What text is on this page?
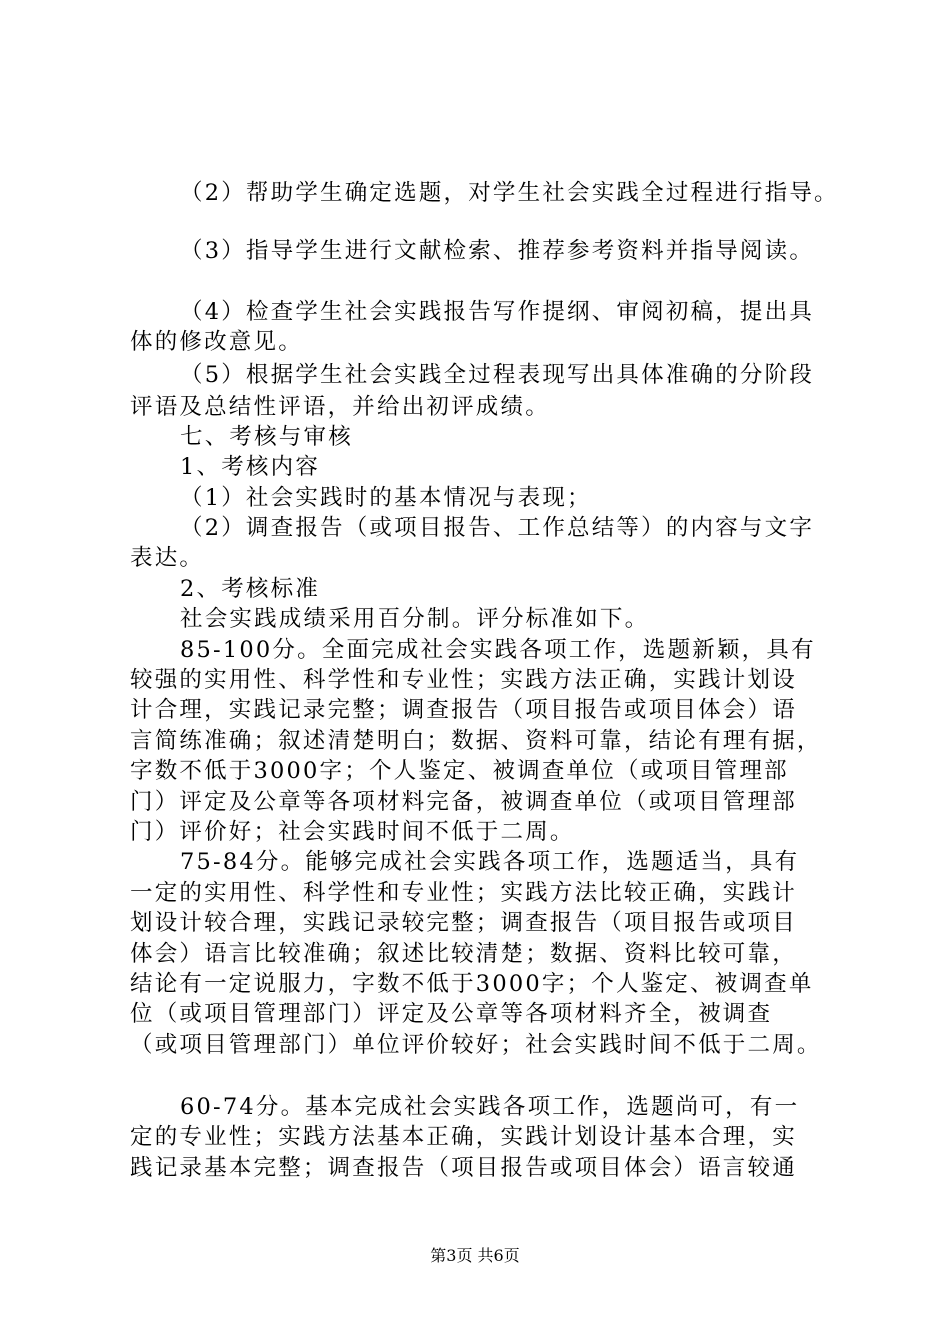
（2）帮助学生确定选题，对学生社会实践全过程进行指导。
（3）指导学生进行文献检索、推荐参考资料并指导阅读。
（4）检查学生社会实践报告写作提纲、审阅初稿，提出具
体的修改意见。
（5）根据学生社会实践全过程表现写出具体准确的分阶段
评语及总结性评语，并给出初评成绩。
七、考核与审核
1、考核内容
（1）社会实践时的基本情况与表现；
（2）调查报告（或项目报告、工作总结等）的内容与文字
表达。
2、考核标准
社会实践成绩采用百分制。评分标准如下。
85-100分。全面完成社会实践各项工作，选题新颖，具有
较强的实用性、科学性和专业性；实践方法正确，实践计划设
计合理，实践记录完整；调查报告（项目报告或项目体会）语
言简练准确；叙述清楚明白；数据、资料可靠，结论有理有据，
字数不低于3000字；个人鉴定、被调查单位（或项目管理部
门）评定及公章等各项材料完备，被调查单位（或项目管理部
门）评价好；社会实践时间不低于二周。
75-84分。能够完成社会实践各项工作，选题适当，具有
一定的实用性、科学性和专业性；实践方法比较正确，实践计
划设计较合理，实践记录较完整；调查报告（项目报告或项目
体会）语言比较准确；叙述比较清楚；数据、资料比较可靠，
结论有一定说服力，字数不低于3000字；个人鉴定、被调查单
位（或项目管理部门）评定及公章等各项材料齐全，被调查
（或项目管理部门）单位评价较好；社会实践时间不低于二周。
60-74分。基本完成社会实践各项工作，选题尚可，有一
定的专业性；实践方法基本正确，实践计划设计基本合理，实
践记录基本完整；调查报告（项目报告或项目体会）语言较通
第3页 共6页
